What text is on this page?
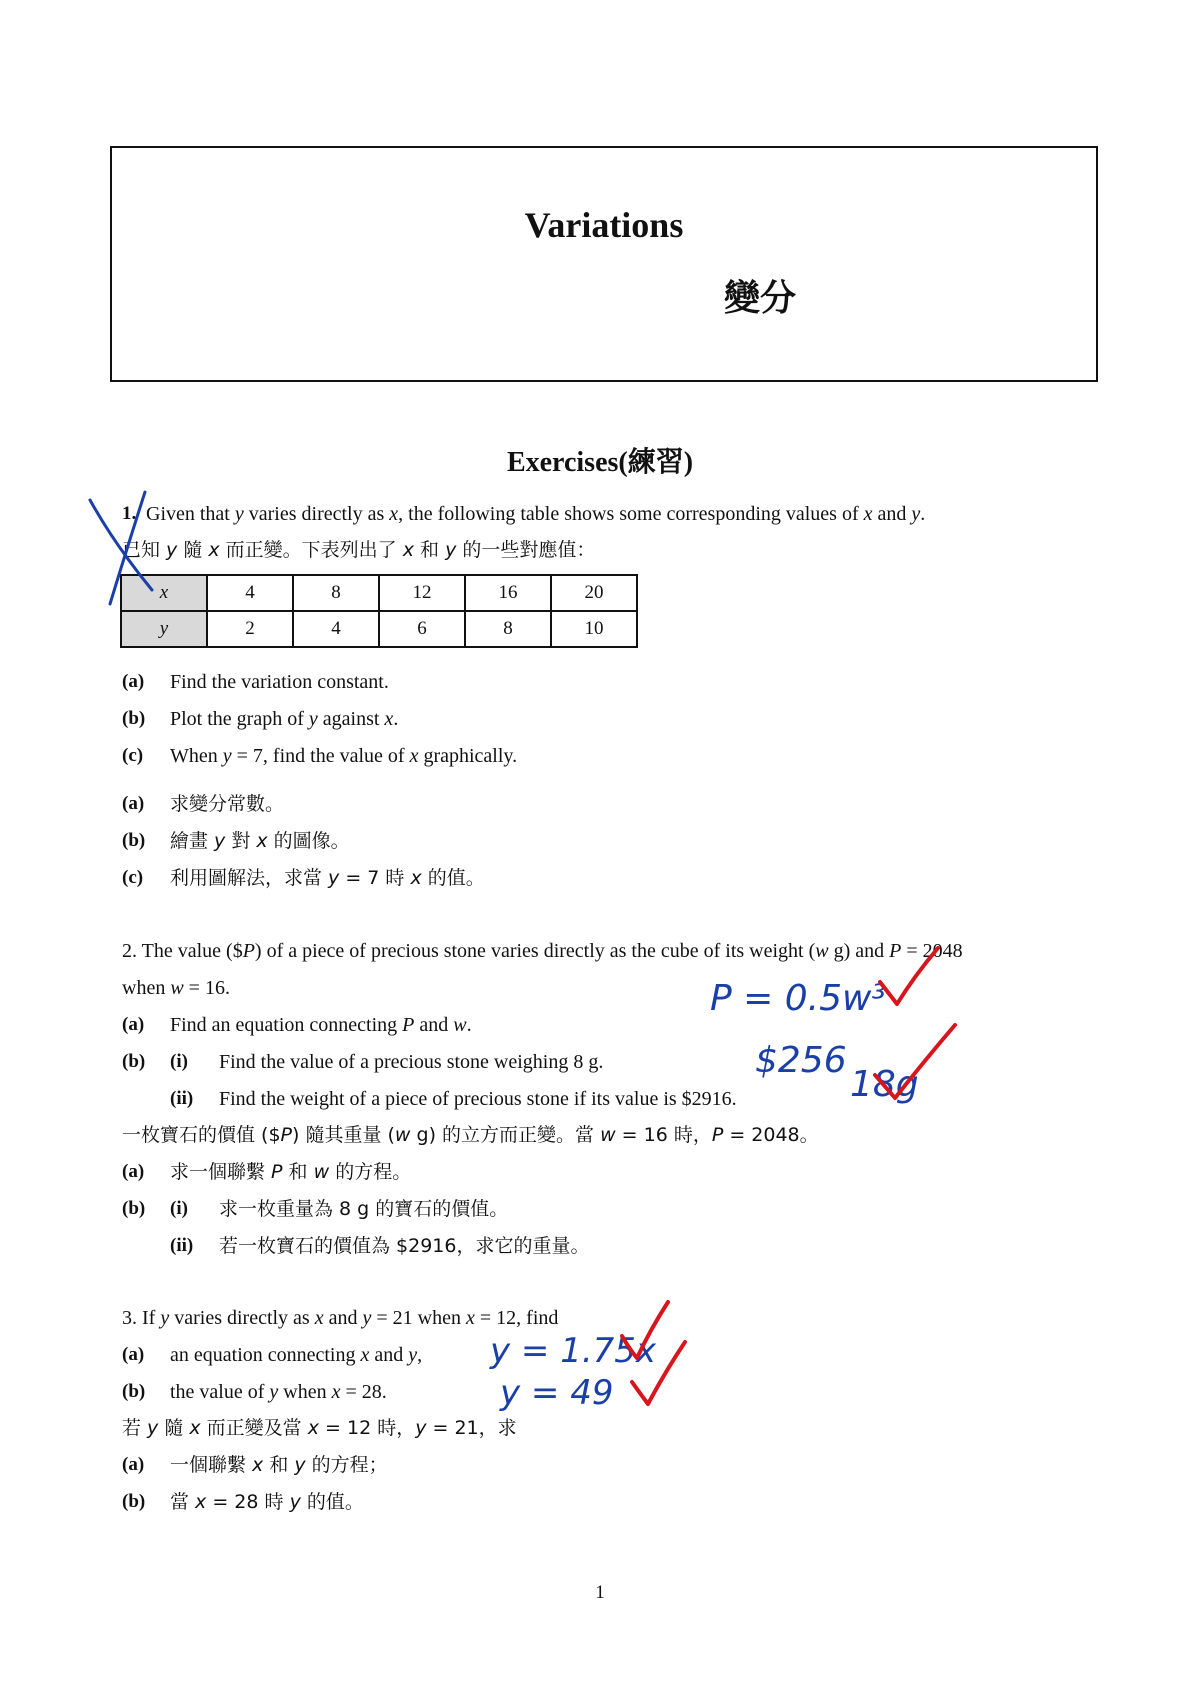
Variations
變分
Exercises(練習)
1. Given that y varies directly as x, the following table shows some corresponding values of x and y.
已知 y 隨 x 而正變。下表列出了 x 和 y 的一些對應值：
x	4	8	12	16	20
y	2	4	6	8	10
(a) Find the variation constant.
(b) Plot the graph of y against x.
(c) When y = 7, find the value of x graphically.
(a) 求變分常數。
(b) 繪畫 y 對 x 的圖像。
(c) 利用圖解法，求當 y = 7 時 x 的值。
2. The value ($P) of a piece of precious stone varies directly as the cube of its weight (w g) and P = 2048
when w = 16.
(a) Find an equation connecting P and w.
(b) (i) Find the value of a precious stone weighing 8 g.
(ii) Find the weight of a piece of precious stone if its value is $2916.
一枚寶石的價值 ($P) 隨其重量 (w g) 的立方而正變。當 w = 16 時，P = 2048。
(a) 求一個聯繫 P 和 w 的方程。
(b) (i) 求一枚重量為 8 g 的寶石的價值。
(ii) 若一枚寶石的價值為 $2916，求它的重量。
3. If y varies directly as x and y = 21 when x = 12, find
(a) an equation connecting x and y,
(b) the value of y when x = 28.
若 y 隨 x 而正變及當 x = 12 時，y = 21，求
(a) 一個聯繫 x 和 y 的方程；
(b) 當 x = 28 時 y 的值。
1
P = 0.5w³
$256
18g
y = 1.75x
y = 49
